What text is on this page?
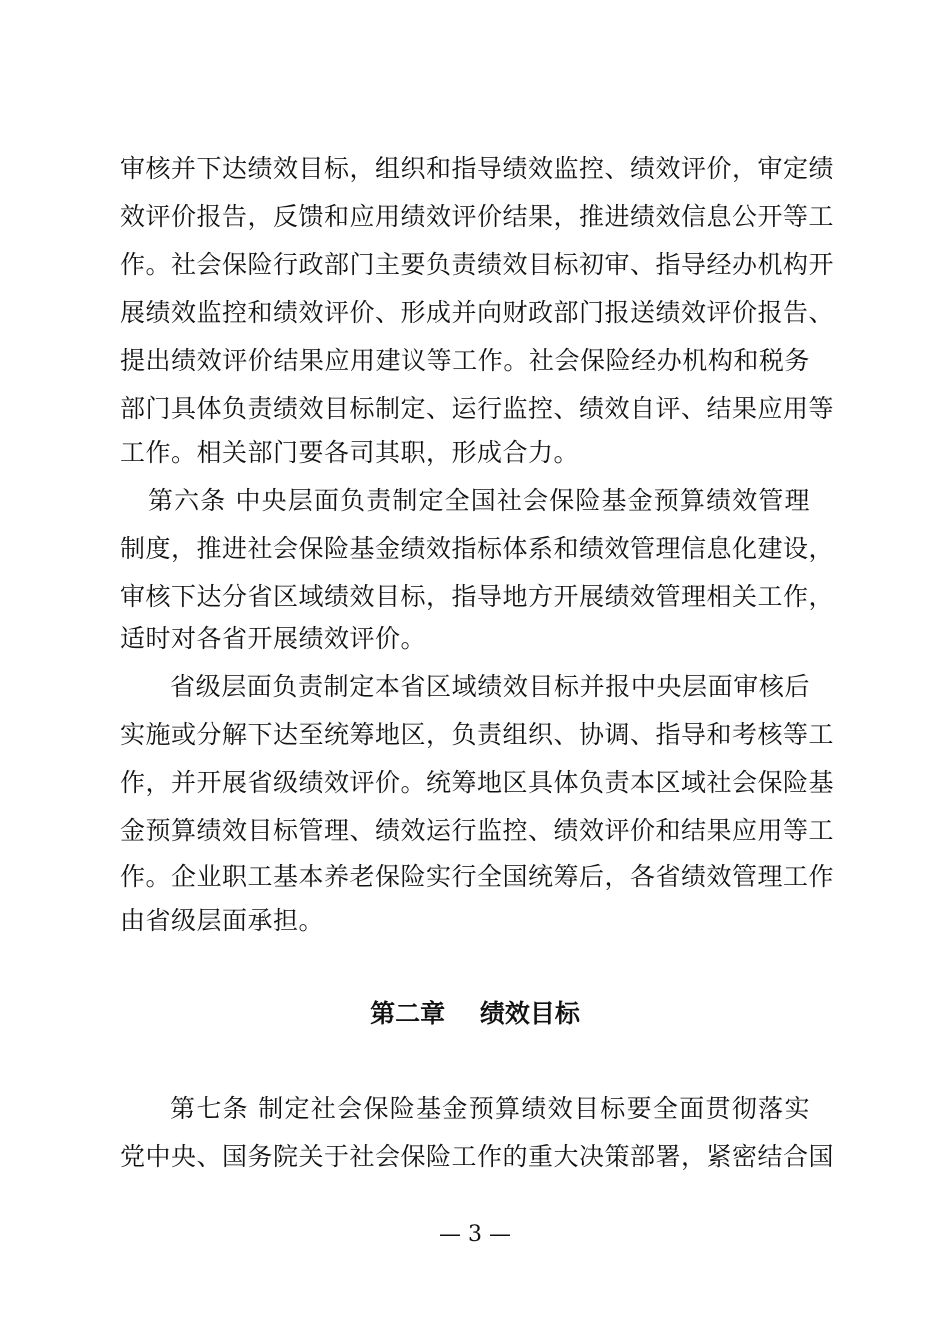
审核并下达绩效目标，组织和指导绩效监控、绩效评价，审定绩
效评价报告，反馈和应用绩效评价结果，推进绩效信息公开等工
作。社会保险行政部门主要负责绩效目标初审、指导经办机构开
展绩效监控和绩效评价、形成并向财政部门报送绩效评价报告、
提出绩效评价结果应用建议等工作。社会保险经办机构和税务
部门具体负责绩效目标制定、运行监控、绩效自评、结果应用等
工作。相关部门要各司其职，形成合力。
第六条 中央层面负责制定全国社会保险基金预算绩效管理
制度，推进社会保险基金绩效指标体系和绩效管理信息化建设，
审核下达分省区域绩效目标，指导地方开展绩效管理相关工作，
适时对各省开展绩效评价。
省级层面负责制定本省区域绩效目标并报中央层面审核后
实施或分解下达至统筹地区，负责组织、协调、指导和考核等工
作，并开展省级绩效评价。统筹地区具体负责本区域社会保险基
金预算绩效目标管理、绩效运行监控、绩效评价和结果应用等工
作。企业职工基本养老保险实行全国统筹后，各省绩效管理工作
由省级层面承担。
第二章    绩效目标
第七条 制定社会保险基金预算绩效目标要全面贯彻落实
党中央、国务院关于社会保险工作的重大决策部署，紧密结合国
— 3 —
